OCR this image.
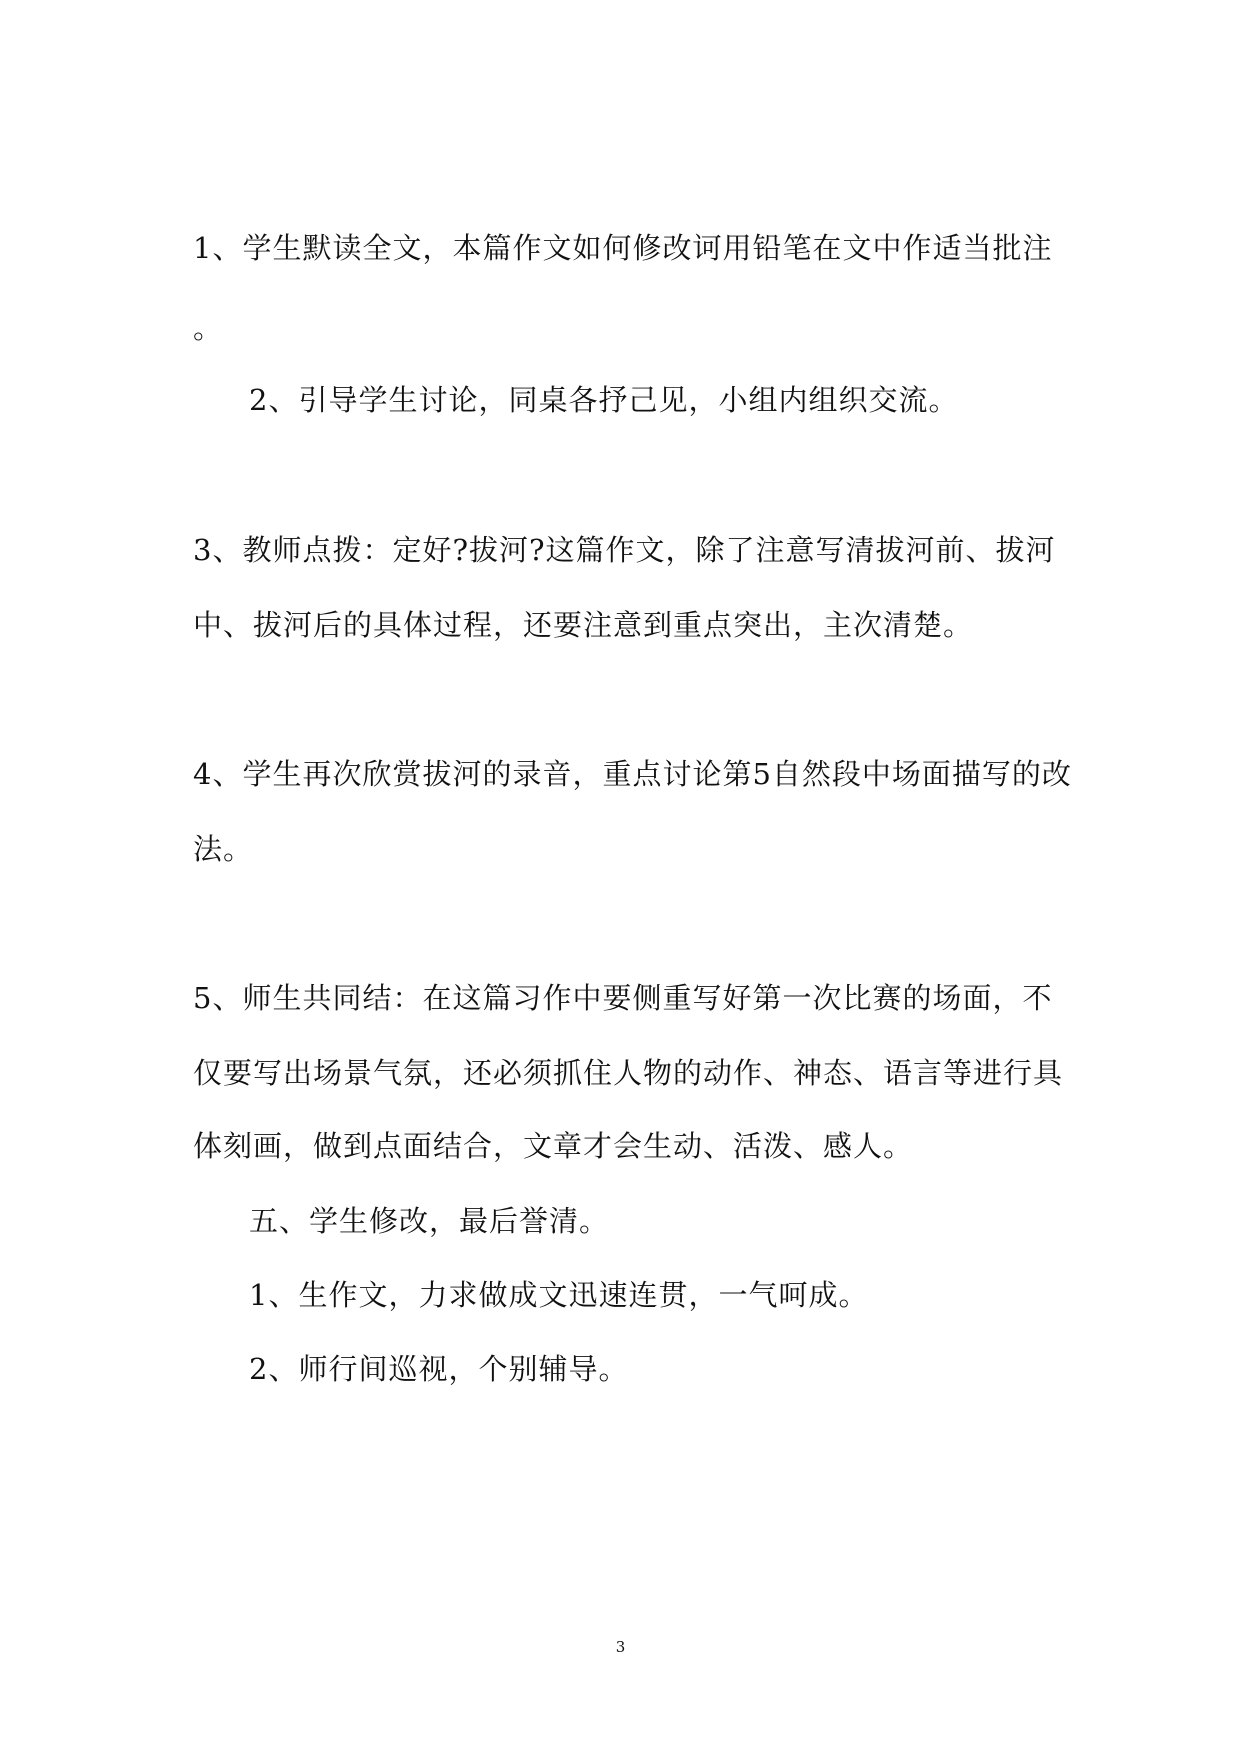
1、学生默读全文，本篇作文如何修改诃用铅笔在文中作适当批注
。
2、引导学生讨论，同桌各抒己见，小组内组织交流。
3、教师点拨：定好?拔河?这篇作文，除了注意写清拔河前、拔河
中、拔河后的具体过程，还要注意到重点突出，主次清楚。
4、学生再次欣赏拔河的录音，重点讨论第5自然段中场面描写的改
法。
5、师生共同结：在这篇习作中要侧重写好第一次比赛的场面，不
仅要写出场景气氛，还必须抓住人物的动作、神态、语言等进行具
体刻画，做到点面结合，文章才会生动、活泼、感人。
五、学生修改，最后誉清。
1、生作文，力求做成文迅速连贯，一气呵成。
2、师行间巡视，个别辅导。
3
